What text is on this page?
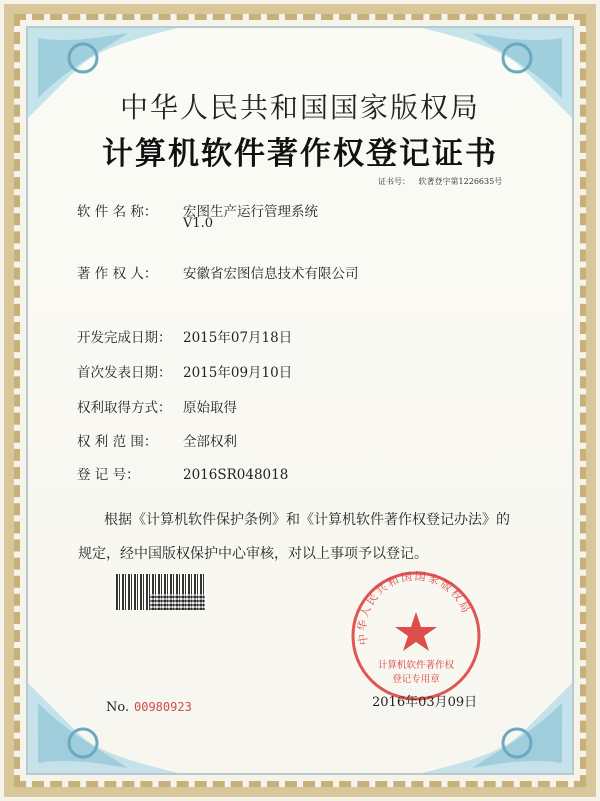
中华人民共和国国家版权局
计算机软件著作权登记证书
证书号： 软著登字第1226635号
软 件 名 称： 宏图生产运行管理系统
V1.0
著 作 权 人： 安徽省宏图信息技术有限公司
开发完成日期： 2015年07月18日
首次发表日期： 2015年09月10日
权利取得方式： 原始取得
权 利 范 围： 全部权利
登 记 号：	2016SR048018
根据《计算机软件保护条例》和《计算机软件著作权登记办法》的
规定，经中国版权保护中心审核，对以上事项予以登记。
No. 00980923
中华人民共和国国家版权局
计算机软件著作权
登记专用章
2016年03月09日
